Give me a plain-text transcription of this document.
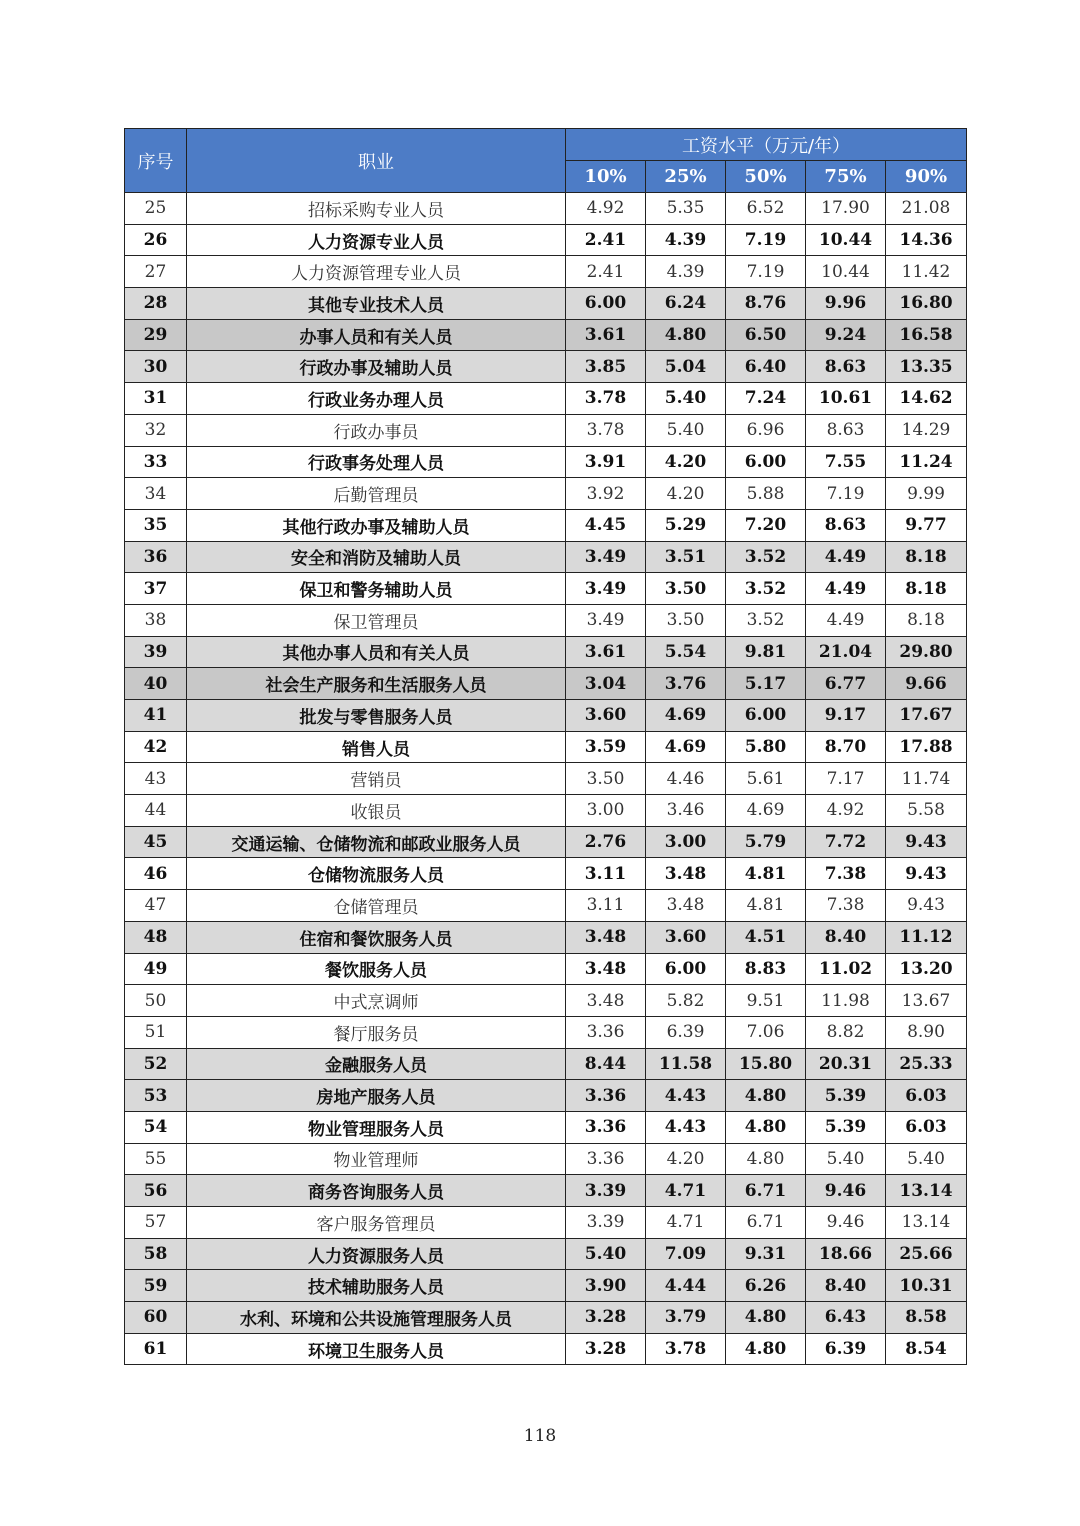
序号	职业	工资水平（万元/年）				
		10%	25%	50%	75%	90%
25	招标采购专业人员	4.92	5.35	6.52	17.90	21.08
26	人力资源专业人员	2.41	4.39	7.19	10.44	14.36
27	人力资源管理专业人员	2.41	4.39	7.19	10.44	11.42
28	其他专业技术人员	6.00	6.24	8.76	9.96	16.80
29	办事人员和有关人员	3.61	4.80	6.50	9.24	16.58
30	行政办事及辅助人员	3.85	5.04	6.40	8.63	13.35
31	行政业务办理人员	3.78	5.40	7.24	10.61	14.62
32	行政办事员	3.78	5.40	6.96	8.63	14.29
33	行政事务处理人员	3.91	4.20	6.00	7.55	11.24
34	后勤管理员	3.92	4.20	5.88	7.19	9.99
35	其他行政办事及辅助人员	4.45	5.29	7.20	8.63	9.77
36	安全和消防及辅助人员	3.49	3.51	3.52	4.49	8.18
37	保卫和警务辅助人员	3.49	3.50	3.52	4.49	8.18
38	保卫管理员	3.49	3.50	3.52	4.49	8.18
39	其他办事人员和有关人员	3.61	5.54	9.81	21.04	29.80
40	社会生产服务和生活服务人员	3.04	3.76	5.17	6.77	9.66
41	批发与零售服务人员	3.60	4.69	6.00	9.17	17.67
42	销售人员	3.59	4.69	5.80	8.70	17.88
43	营销员	3.50	4.46	5.61	7.17	11.74
44	收银员	3.00	3.46	4.69	4.92	5.58
45	交通运输、仓储物流和邮政业服务人员	2.76	3.00	5.79	7.72	9.43
46	仓储物流服务人员	3.11	3.48	4.81	7.38	9.43
47	仓储管理员	3.11	3.48	4.81	7.38	9.43
48	住宿和餐饮服务人员	3.48	3.60	4.51	8.40	11.12
49	餐饮服务人员	3.48	6.00	8.83	11.02	13.20
50	中式烹调师	3.48	5.82	9.51	11.98	13.67
51	餐厅服务员	3.36	6.39	7.06	8.82	8.90
52	金融服务人员	8.44	11.58	15.80	20.31	25.33
53	房地产服务人员	3.36	4.43	4.80	5.39	6.03
54	物业管理服务人员	3.36	4.43	4.80	5.39	6.03
55	物业管理师	3.36	4.20	4.80	5.40	5.40
56	商务咨询服务人员	3.39	4.71	6.71	9.46	13.14
57	客户服务管理员	3.39	4.71	6.71	9.46	13.14
58	人力资源服务人员	5.40	7.09	9.31	18.66	25.66
59	技术辅助服务人员	3.90	4.44	6.26	8.40	10.31
60	水利、环境和公共设施管理服务人员	3.28	3.79	4.80	6.43	8.58
61	环境卫生服务人员	3.28	3.78	4.80	6.39	8.54
118
